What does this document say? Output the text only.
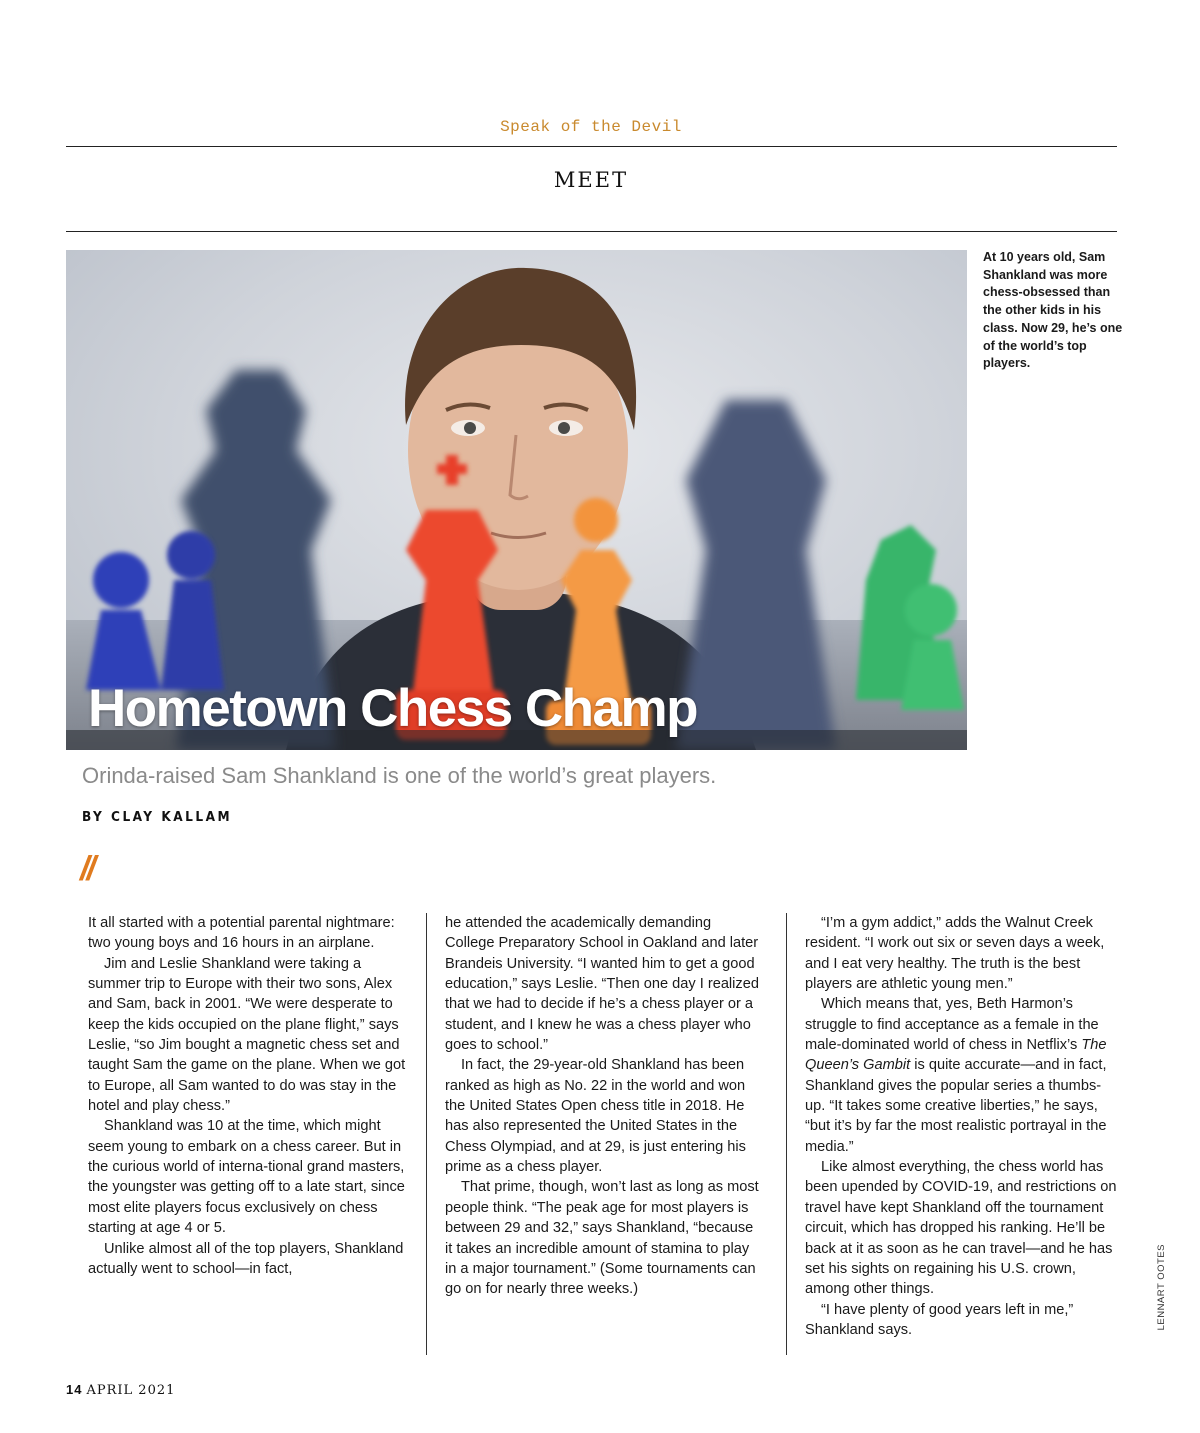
Speak of the Devil
MEET
Hometown Chess Champ
At 10 years old, Sam Shankland was more chess-obsessed than the other kids in his class. Now 29, he’s one of the world’s top players.
Orinda-raised Sam Shankland is one of the world’s great players.
BY CLAY KALLAM
//

It all started with a potential parental nightmare: two young boys and 16 hours in an airplane.

Jim and Leslie Shankland were taking a summer trip to Europe with their two sons, Alex and Sam, back in 2001. “We were desperate to keep the kids occupied on the plane flight,” says Leslie, “so Jim bought a magnetic chess set and taught Sam the game on the plane. When we got to Europe, all Sam wanted to do was stay in the hotel and play chess.”

Shankland was 10 at the time, which might seem young to embark on a chess career. But in the curious world of interna-tional grand masters, the youngster was getting off to a late start, since most elite players focus exclusively on chess starting at age 4 or 5.

Unlike almost all of the top players, Shankland actually went to school—in fact,

he attended the academically demanding College Preparatory School in Oakland and later Brandeis University. “I wanted him to get a good education,” says Leslie. “Then one day I realized that we had to decide if he’s a chess player or a student, and I knew he was a chess player who goes to school.”

In fact, the 29-year-old Shankland has been ranked as high as No. 22 in the world and won the United States Open chess title in 2018. He has also represented the United States in the Chess Olympiad, and at 29, is just entering his prime as a chess player.

That prime, though, won’t last as long as most people think. “The peak age for most players is between 29 and 32,” says Shankland, “because it takes an incredible amount of stamina to play in a major tournament.” (Some tournaments can go on for nearly three weeks.)

“I’m a gym addict,” adds the Walnut Creek resident. “I work out six or seven days a week, and I eat very healthy. The truth is the best players are athletic young men.”

Which means that, yes, Beth Harmon’s struggle to find acceptance as a female in the male-dominated world of chess in Netflix’s The Queen’s Gambit is quite accurate—and in fact, Shankland gives the popular series a thumbs-up. “It takes some creative liberties,” he says, “but it’s by far the most realistic portrayal in the media.”

Like almost everything, the chess world has been upended by COVID-19, and restrictions on travel have kept Shankland off the tournament circuit, which has dropped his ranking. He’ll be back at it as soon as he can travel—and he has set his sights on regaining his U.S. crown, among other things.

“I have plenty of good years left in me,” Shankland says.	LENNART OOTES
14 APRIL 2021
